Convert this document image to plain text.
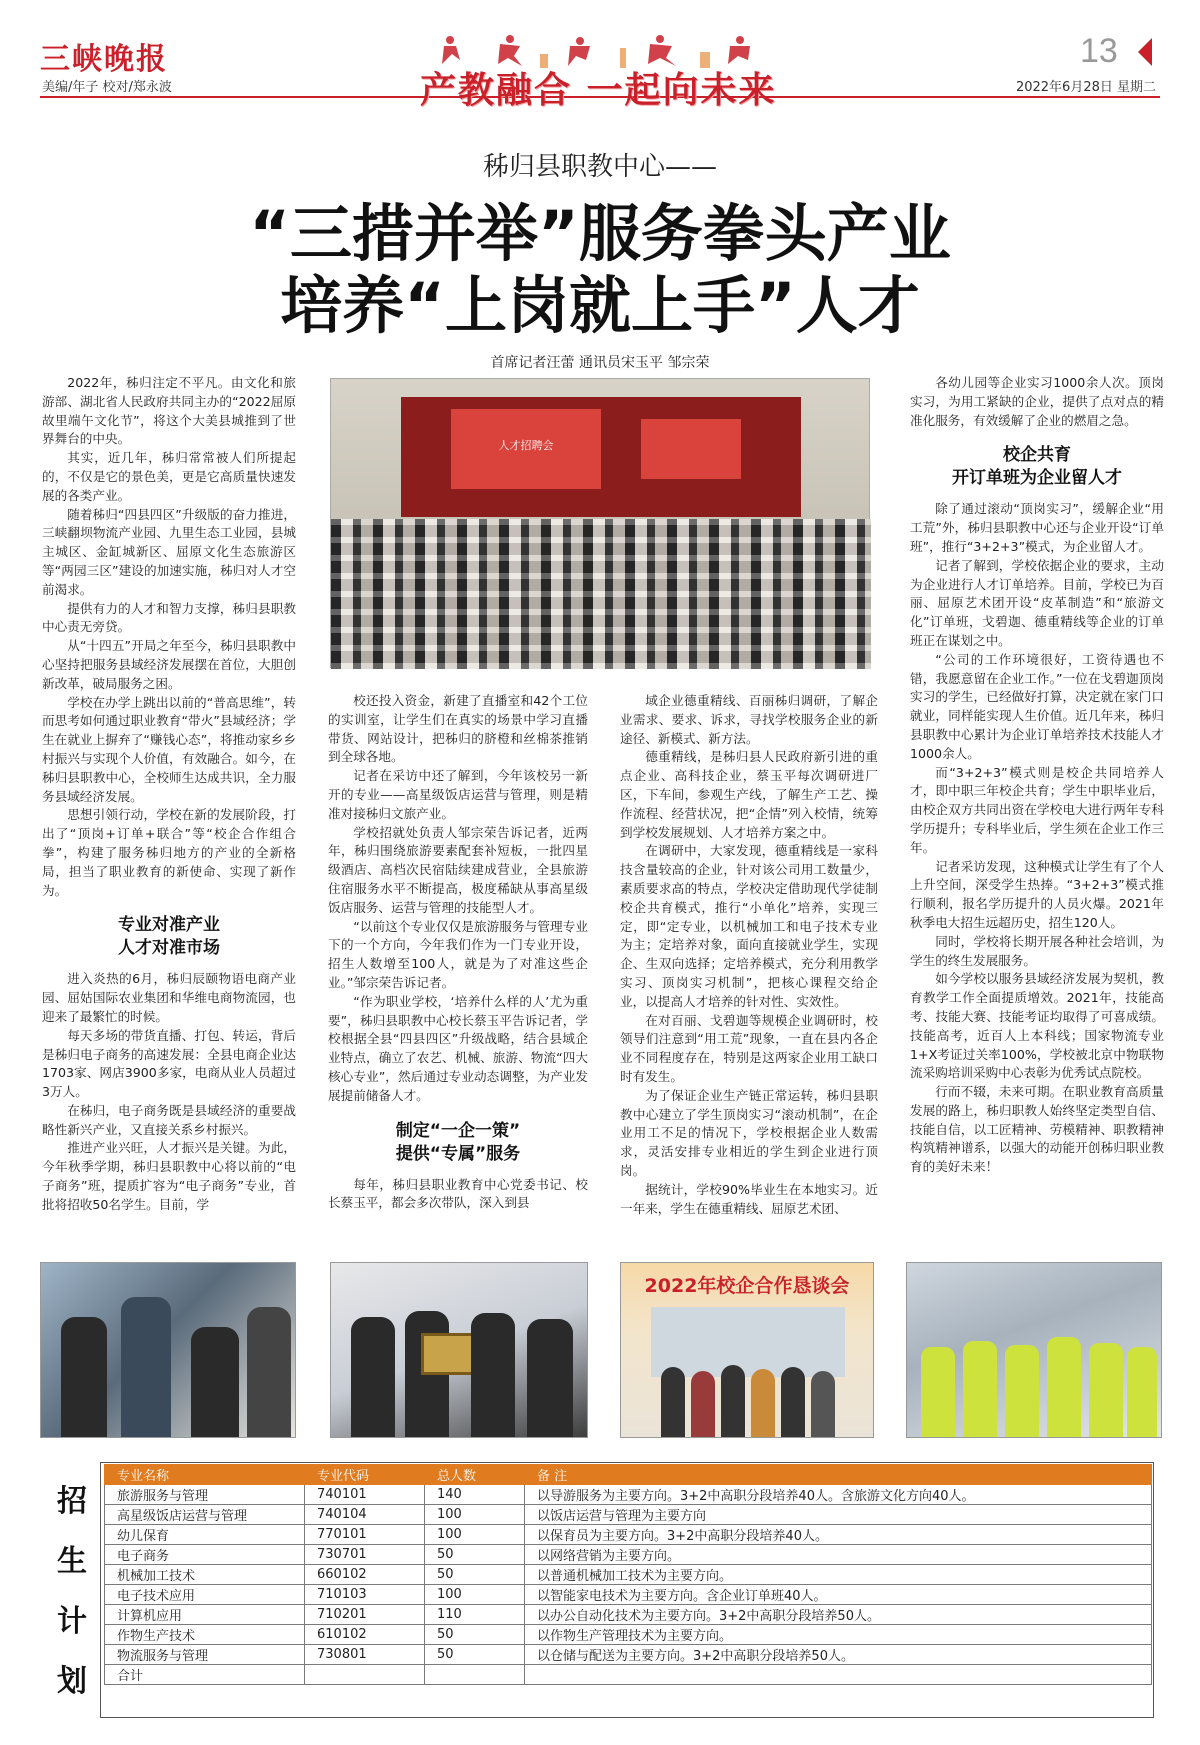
三峡晚报
美编/年子 校对/郑永波	产教融合 一起向未来
13
2022年6月28日 星期二
秭归县职教中心——
“三措并举”服务拳头产业
培养“上岗就上手”人才
首席记者汪蕾 通讯员宋玉平 邹宗荣
人才招聘会

2022年，秭归注定不平凡。由文化和旅游部、湖北省人民政府共同主办的“2022屈原故里端午文化节”，将这个大美县城推到了世界舞台的中央。

其实，近几年，秭归常常被人们所提起的，不仅是它的景色美，更是它高质量快速发展的各类产业。

随着秭归“四县四区”升级版的奋力推进，三峡翻坝物流产业园、九里生态工业园，县城主城区、金缸城新区、屈原文化生态旅游区等“两园三区”建设的加速实施，秭归对人才空前渴求。

提供有力的人才和智力支撑，秭归县职教中心责无旁贷。

从“十四五”开局之年至今，秭归县职教中心坚持把服务县域经济发展摆在首位，大胆创新改革，破局服务之困。

学校在办学上跳出以前的“普高思维”，转而思考如何通过职业教育“带火”县域经济；学生在就业上摒弃了“赚钱心态”，将推动家乡乡村振兴与实现个人价值，有效融合。如今，在秭归县职教中心，全校师生达成共识，全力服务县域经济发展。

思想引领行动，学校在新的发展阶段，打出了“顶岗+订单+联合”等“校企合作组合拳”，构建了服务秭归地方的产业的全新格局，担当了职业教育的新使命、实现了新作为。

专业对准产业
人才对准市场

进入炎热的6月，秭归辰颐物语电商产业园、屈姑国际农业集团和华维电商物流园，也迎来了最繁忙的时候。

每天多场的带货直播、打包、转运，背后是秭归电子商务的高速发展：全县电商企业达1703家、网店3900多家，电商从业人员超过3万人。

在秭归，电子商务既是县域经济的重要战略性新兴产业，又直接关系乡村振兴。

推进产业兴旺，人才振兴是关键。为此，今年秋季学期，秭归县职教中心将以前的“电子商务”班，提质扩容为“电子商务”专业，首批将招收50名学生。目前，学

校还投入资金，新建了直播室和42个工位的实训室，让学生们在真实的场景中学习直播带货、网站设计，把秭归的脐橙和丝棉茶推销到全球各地。

记者在采访中还了解到，今年该校另一新开的专业——高星级饭店运营与管理，则是精准对接秭归文旅产业。

学校招就处负责人邹宗荣告诉记者，近两年，秭归围绕旅游要素配套补短板，一批四星级酒店、高档次民宿陆续建成营业，全县旅游住宿服务水平不断提高，极度稀缺从事高星级饭店服务、运营与管理的技能型人才。

“以前这个专业仅仅是旅游服务与管理专业下的一个方向，今年我们作为一门专业开设，招生人数增至100人，就是为了对准这些企业。”邹宗荣告诉记者。

“作为职业学校，‘培养什么样的人’尤为重要”，秭归县职教中心校长蔡玉平告诉记者，学校根据全县“四县四区”升级战略，结合县域企业特点，确立了农艺、机械、旅游、物流“四大核心专业”，然后通过专业动态调整，为产业发展提前储备人才。

制定“一企一策”
提供“专属”服务

每年，秭归县职业教育中心党委书记、校长蔡玉平，都会多次带队，深入到县

域企业德重精线、百丽秭归调研，了解企业需求、要求、诉求，寻找学校服务企业的新途径、新模式、新方法。

德重精线，是秭归县人民政府新引进的重点企业、高科技企业，蔡玉平每次调研进厂区，下车间，参观生产线，了解生产工艺、操作流程、经营状况，把“企情”列入校情，统筹到学校发展规划、人才培养方案之中。

在调研中，大家发现，德重精线是一家科技含量较高的企业，针对该公司用工数量少，素质要求高的特点，学校决定借助现代学徒制校企共育模式，推行“小单化”培养，实现三定，即“定专业，以机械加工和电子技术专业为主；定培养对象，面向直接就业学生，实现企、生双向选择；定培养模式，充分利用教学实习、顶岗实习机制”，把核心课程交给企业，以提高人才培养的针对性、实效性。

在对百丽、戈碧迦等规模企业调研时，校领导们注意到“用工荒”现象，一直在县内各企业不同程度存在，特别是这两家企业用工缺口时有发生。

为了保证企业生产链正常运转，秭归县职教中心建立了学生顶岗实习“滚动机制”，在企业用工不足的情况下，学校根据企业人数需求，灵活安排专业相近的学生到企业进行顶岗。

据统计，学校90%毕业生在本地实习。近一年来，学生在德重精线、屈原艺术团、

各幼儿园等企业实习1000余人次。顶岗实习，为用工紧缺的企业，提供了点对点的精准化服务，有效缓解了企业的燃眉之急。

校企共育
开订单班为企业留人才

除了通过滚动“顶岗实习”，缓解企业“用工荒”外，秭归县职教中心还与企业开设“订单班”，推行“3+2+3”模式，为企业留人才。

记者了解到，学校依据企业的要求，主动为企业进行人才订单培养。目前，学校已为百丽、屈原艺术团开设“皮革制造”和“旅游文化”订单班，戈碧迦、德重精线等企业的订单班正在谋划之中。

“公司的工作环境很好，工资待遇也不错，我愿意留在企业工作。”一位在戈碧迦顶岗实习的学生，已经做好打算，决定就在家门口就业，同样能实现人生价值。近几年来，秭归县职教中心累计为企业订单培养技术技能人才1000余人。

而“3+2+3”模式则是校企共同培养人才，即中职三年校企共育；学生中职毕业后，由校企双方共同出资在学校电大进行两年专科学历提升；专科毕业后，学生须在企业工作三年。

记者采访发现，这种模式让学生有了个人上升空间，深受学生热捧。“3+2+3”模式推行顺利，报名学历提升的人员火爆。2021年秋季电大招生远超历史，招生120人。

同时，学校将长期开展各种社会培训，为学生的终生发展服务。

如今学校以服务县域经济发展为契机，教育教学工作全面提质增效。2021年，技能高考、技能大赛、技能考证均取得了可喜成绩。技能高考，近百人上本科线；国家物流专业1+X考证过关率100%，学校被北京中物联物流采购培训采购中心表彰为优秀试点院校。

行而不辍，未来可期。在职业教育高质量发展的路上，秭归职教人始终坚定类型自信、技能自信，以工匠精神、劳模精神、职教精神构筑精神谱系，以强大的动能开创秭归职业教育的美好未来！

2022年校企合作恳谈会
招
生
计
划
专业名称	专业代码	总人数	备 注
旅游服务与管理	740101	140	以导游服务为主要方向。3+2中高职分段培养40人。含旅游文化方向40人。
高星级饭店运营与管理	740104	100	以饭店运营与管理为主要方向
幼儿保育	770101	100	以保育员为主要方向。3+2中高职分段培养40人。
电子商务	730701	50	以网络营销为主要方向。
机械加工技术	660102	50	以普通机械加工技术为主要方向。
电子技术应用	710103	100	以智能家电技术为主要方向。含企业订单班40人。
计算机应用	710201	110	以办公自动化技术为主要方向。3+2中高职分段培养50人。
作物生产技术	610102	50	以作物生产管理技术为主要方向。
物流服务与管理	730801	50	以仓储与配送为主要方向。3+2中高职分段培养50人。
合计			
